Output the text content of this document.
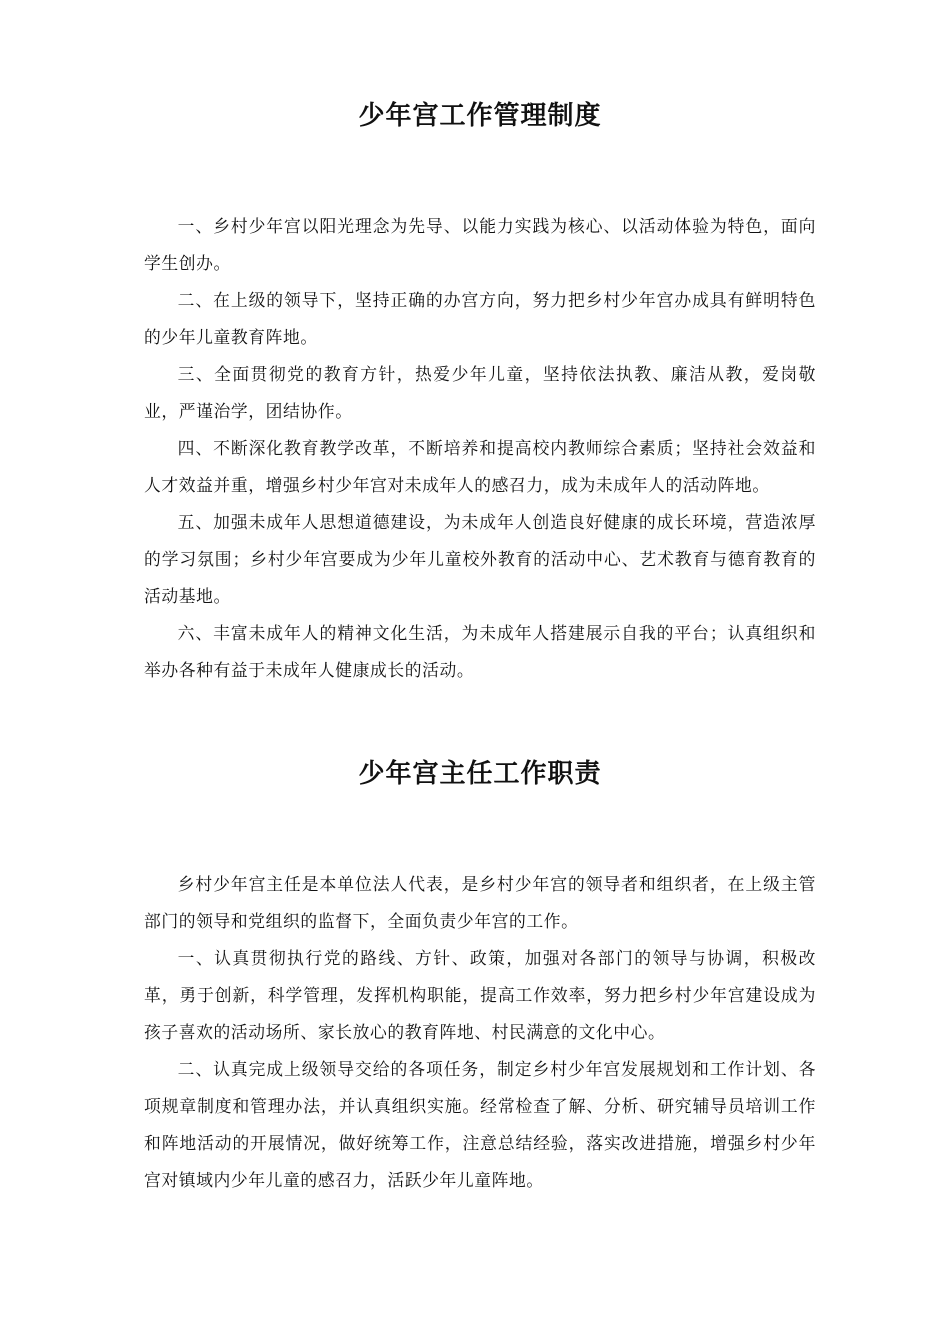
少年宫工作管理制度

一、乡村少年宫以阳光理念为先导、以能力实践为核心、以活动体验为特色，面向学生创办。

二、在上级的领导下，坚持正确的办宫方向，努力把乡村少年宫办成具有鲜明特色的少年儿童教育阵地。

三、全面贯彻党的教育方针，热爱少年儿童，坚持依法执教、廉洁从教，爱岗敬业，严谨治学，团结协作。

四、不断深化教育教学改革，不断培养和提高校内教师综合素质；坚持社会效益和人才效益并重，增强乡村少年宫对未成年人的感召力，成为未成年人的活动阵地。

五、加强未成年人思想道德建设，为未成年人创造良好健康的成长环境，营造浓厚的学习氛围；乡村少年宫要成为少年儿童校外教育的活动中心、艺术教育与德育教育的活动基地。

六、丰富未成年人的精神文化生活，为未成年人搭建展示自我的平台；认真组织和举办各种有益于未成年人健康成长的活动。

少年宫主任工作职责

乡村少年宫主任是本单位法人代表，是乡村少年宫的领导者和组织者，在上级主管部门的领导和党组织的监督下，全面负责少年宫的工作。

一、认真贯彻执行党的路线、方针、政策，加强对各部门的领导与协调，积极改革，勇于创新，科学管理，发挥机构职能，提高工作效率，努力把乡村少年宫建设成为孩子喜欢的活动场所、家长放心的教育阵地、村民满意的文化中心。

二、认真完成上级领导交给的各项任务，制定乡村少年宫发展规划和工作计划、各项规章制度和管理办法，并认真组织实施。经常检查了解、分析、研究辅导员培训工作和阵地活动的开展情况，做好统筹工作，注意总结经验，落实改进措施，增强乡村少年宫对镇域内少年儿童的感召力，活跃少年儿童阵地。
